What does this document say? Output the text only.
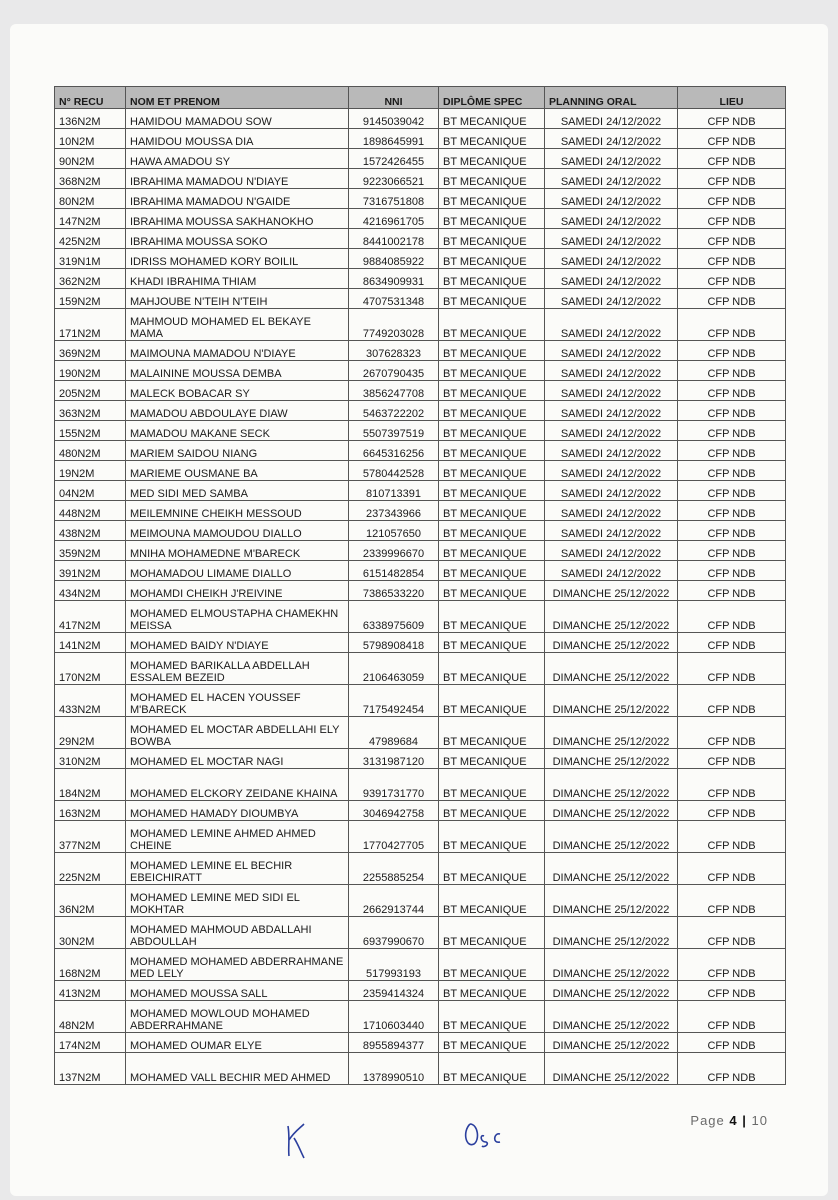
N° RECU	NOM ET PRENOM	NNI	DIPLÔME SPEC	PLANNING ORAL	LIEU
136N2M	HAMIDOU MAMADOU SOW	9145039042	BT MECANIQUE	SAMEDI 24/12/2022	CFP NDB
10N2M	HAMIDOU MOUSSA DIA	1898645991	BT MECANIQUE	SAMEDI 24/12/2022	CFP NDB
90N2M	HAWA AMADOU SY	1572426455	BT MECANIQUE	SAMEDI 24/12/2022	CFP NDB
368N2M	IBRAHIMA MAMADOU N'DIAYE	9223066521	BT MECANIQUE	SAMEDI 24/12/2022	CFP NDB
80N2M	IBRAHIMA MAMADOU N'GAIDE	7316751808	BT MECANIQUE	SAMEDI 24/12/2022	CFP NDB
147N2M	IBRAHIMA MOUSSA SAKHANOKHO	4216961705	BT MECANIQUE	SAMEDI 24/12/2022	CFP NDB
425N2M	IBRAHIMA MOUSSA SOKO	8441002178	BT MECANIQUE	SAMEDI 24/12/2022	CFP NDB
319N1M	IDRISS MOHAMED KORY BOILIL	9884085922	BT MECANIQUE	SAMEDI 24/12/2022	CFP NDB
362N2M	KHADI IBRAHIMA THIAM	8634909931	BT MECANIQUE	SAMEDI 24/12/2022	CFP NDB
159N2M	MAHJOUBE N'TEIH N'TEIH	4707531348	BT MECANIQUE	SAMEDI 24/12/2022	CFP NDB
171N2M	MAHMOUD MOHAMED EL BEKAYE MAMA	7749203028	BT MECANIQUE	SAMEDI 24/12/2022	CFP NDB
369N2M	MAIMOUNA MAMADOU N'DIAYE	307628323	BT MECANIQUE	SAMEDI 24/12/2022	CFP NDB
190N2M	MALAININE MOUSSA DEMBA	2670790435	BT MECANIQUE	SAMEDI 24/12/2022	CFP NDB
205N2M	MALECK BOBACAR SY	3856247708	BT MECANIQUE	SAMEDI 24/12/2022	CFP NDB
363N2M	MAMADOU ABDOULAYE DIAW	5463722202	BT MECANIQUE	SAMEDI 24/12/2022	CFP NDB
155N2M	MAMADOU MAKANE SECK	5507397519	BT MECANIQUE	SAMEDI 24/12/2022	CFP NDB
480N2M	MARIEM SAIDOU NIANG	6645316256	BT MECANIQUE	SAMEDI 24/12/2022	CFP NDB
19N2M	MARIEME OUSMANE BA	5780442528	BT MECANIQUE	SAMEDI 24/12/2022	CFP NDB
04N2M	MED SIDI MED SAMBA	810713391	BT MECANIQUE	SAMEDI 24/12/2022	CFP NDB
448N2M	MEILEMNINE CHEIKH MESSOUD	237343966	BT MECANIQUE	SAMEDI 24/12/2022	CFP NDB
438N2M	MEIMOUNA MAMOUDOU DIALLO	121057650	BT MECANIQUE	SAMEDI 24/12/2022	CFP NDB
359N2M	MNIHA MOHAMEDNE M'BARECK	2339996670	BT MECANIQUE	SAMEDI 24/12/2022	CFP NDB
391N2M	MOHAMADOU LIMAME DIALLO	6151482854	BT MECANIQUE	SAMEDI 24/12/2022	CFP NDB
434N2M	MOHAMDI CHEIKH J'REIVINE	7386533220	BT MECANIQUE	DIMANCHE 25/12/2022	CFP NDB
417N2M	MOHAMED ELMOUSTAPHA CHAMEKHN MEISSA	6338975609	BT MECANIQUE	DIMANCHE 25/12/2022	CFP NDB
141N2M	MOHAMED BAIDY N'DIAYE	5798908418	BT MECANIQUE	DIMANCHE 25/12/2022	CFP NDB
170N2M	MOHAMED BARIKALLA ABDELLAH ESSALEM BEZEID	2106463059	BT MECANIQUE	DIMANCHE 25/12/2022	CFP NDB
433N2M	MOHAMED EL HACEN YOUSSEF M'BARECK	7175492454	BT MECANIQUE	DIMANCHE 25/12/2022	CFP NDB
29N2M	MOHAMED EL MOCTAR ABDELLAHI ELY BOWBA	47989684	BT MECANIQUE	DIMANCHE 25/12/2022	CFP NDB
310N2M	MOHAMED EL MOCTAR NAGI	3131987120	BT MECANIQUE	DIMANCHE 25/12/2022	CFP NDB
184N2M	MOHAMED ELCKORY ZEIDANE KHAINA	9391731770	BT MECANIQUE	DIMANCHE 25/12/2022	CFP NDB
163N2M	MOHAMED HAMADY DIOUMBYA	3046942758	BT MECANIQUE	DIMANCHE 25/12/2022	CFP NDB
377N2M	MOHAMED LEMINE AHMED AHMED CHEINE	1770427705	BT MECANIQUE	DIMANCHE 25/12/2022	CFP NDB
225N2M	MOHAMED LEMINE EL BECHIR EBEICHIRATT	2255885254	BT MECANIQUE	DIMANCHE 25/12/2022	CFP NDB
36N2M	MOHAMED LEMINE MED SIDI EL MOKHTAR	2662913744	BT MECANIQUE	DIMANCHE 25/12/2022	CFP NDB
30N2M	MOHAMED MAHMOUD ABDALLAHI ABDOULLAH	6937990670	BT MECANIQUE	DIMANCHE 25/12/2022	CFP NDB
168N2M	MOHAMED MOHAMED ABDERRAHMANE MED LELY	517993193	BT MECANIQUE	DIMANCHE 25/12/2022	CFP NDB
413N2M	MOHAMED MOUSSA SALL	2359414324	BT MECANIQUE	DIMANCHE 25/12/2022	CFP NDB
48N2M	MOHAMED MOWLOUD MOHAMED ABDERRAHMANE	1710603440	BT MECANIQUE	DIMANCHE 25/12/2022	CFP NDB
174N2M	MOHAMED OUMAR ELYE	8955894377	BT MECANIQUE	DIMANCHE 25/12/2022	CFP NDB
137N2M	MOHAMED VALL BECHIR MED AHMED	1378990510	BT MECANIQUE	DIMANCHE 25/12/2022	CFP NDB
Page 4 | 10
